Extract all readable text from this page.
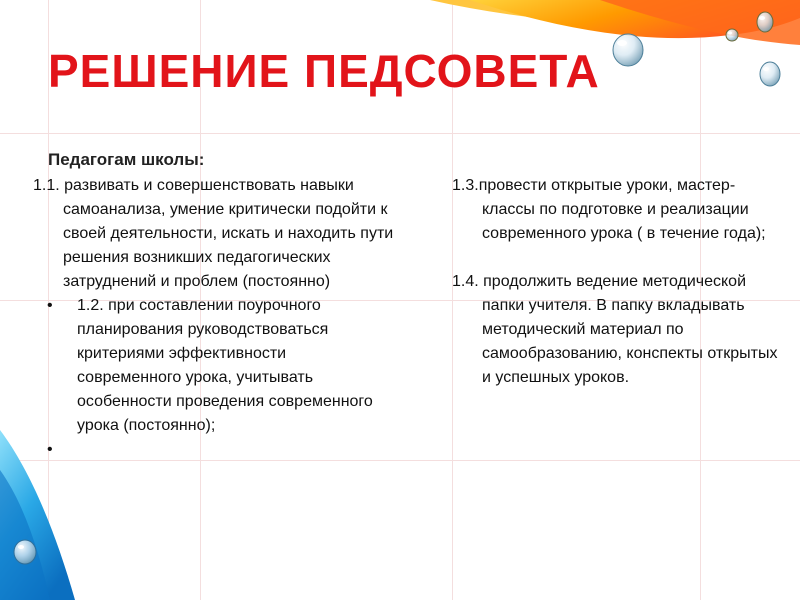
РЕШЕНИЕ ПЕДСОВЕТА
Педагогам школы:

1.1. развивать и совершенствовать навыки самоанализа, умение критически подойти к своей деятельности, искать и находить пути решения возникших педагогических затруднений и проблем (постоянно)

•	1.2. при составлении поурочного планирования руководствоваться критериями эффективности современного урока, учитывать особенности проведения современного урока (постоянно);
•

1.3.провести открытые уроки, мастер-классы по подготовке и реализации современного урока ( в течение года);

1.4. продолжить ведение методической папки учителя. В папку вкладывать методический материал по самообразованию, конспекты открытых и успешных уроков.
